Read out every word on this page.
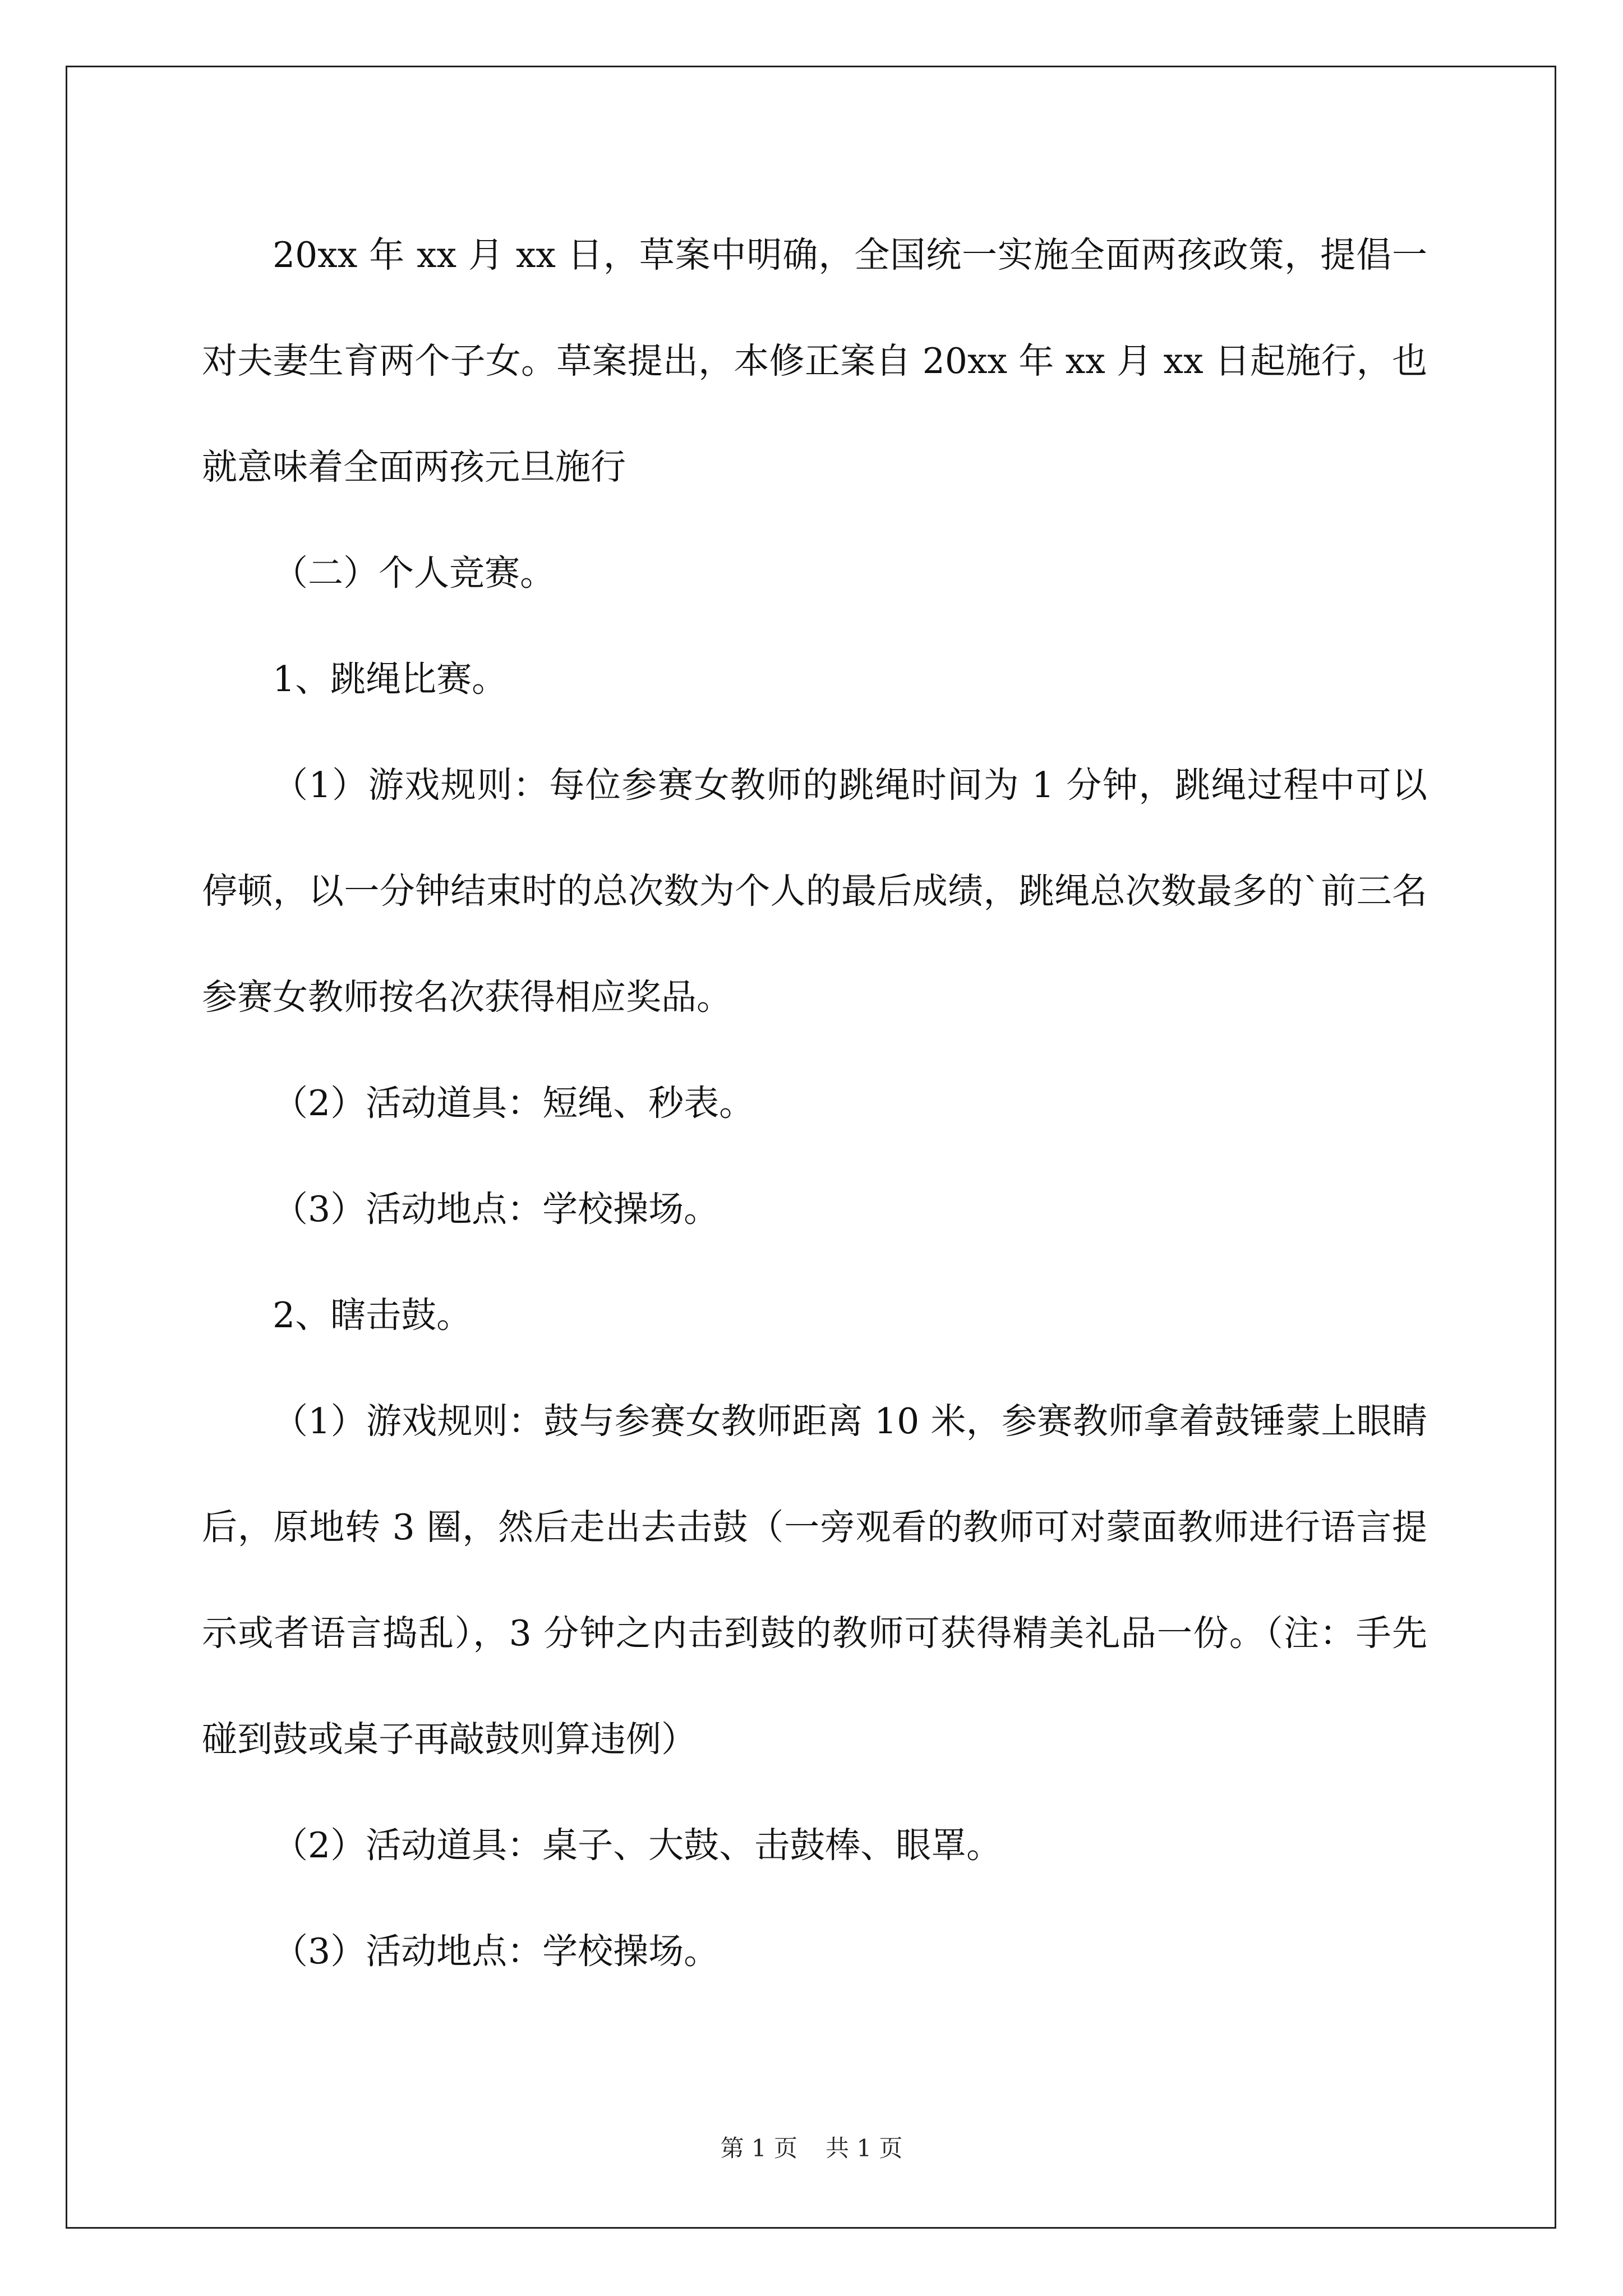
20xx 年 xx 月 xx 日，草案中明确，全国统一实施全面两孩政策，提倡一对夫妻生育两个子女。草案提出，本修正案自 20xx 年 xx 月 xx 日起施行，也就意味着全面两孩元旦施行

（二）个人竞赛。

1、跳绳比赛。

（1）游戏规则：每位参赛女教师的跳绳时间为 1 分钟，跳绳过程中可以停顿，以一分钟结束时的总次数为个人的最后成绩，跳绳总次数最多的`前三名参赛女教师按名次获得相应奖品。

（2）活动道具：短绳、秒表。

（3）活动地点：学校操场。

2、瞎击鼓。

（1）游戏规则：鼓与参赛女教师距离 10 米，参赛教师拿着鼓锤蒙上眼睛后，原地转 3 圈，然后走出去击鼓（一旁观看的教师可对蒙面教师进行语言提示或者语言捣乱），3 分钟之内击到鼓的教师可获得精美礼品一份。（注：手先碰到鼓或桌子再敲鼓则算违例）

（2）活动道具：桌子、大鼓、击鼓棒、眼罩。

（3）活动地点：学校操场。

第 1 页 共 1 页
